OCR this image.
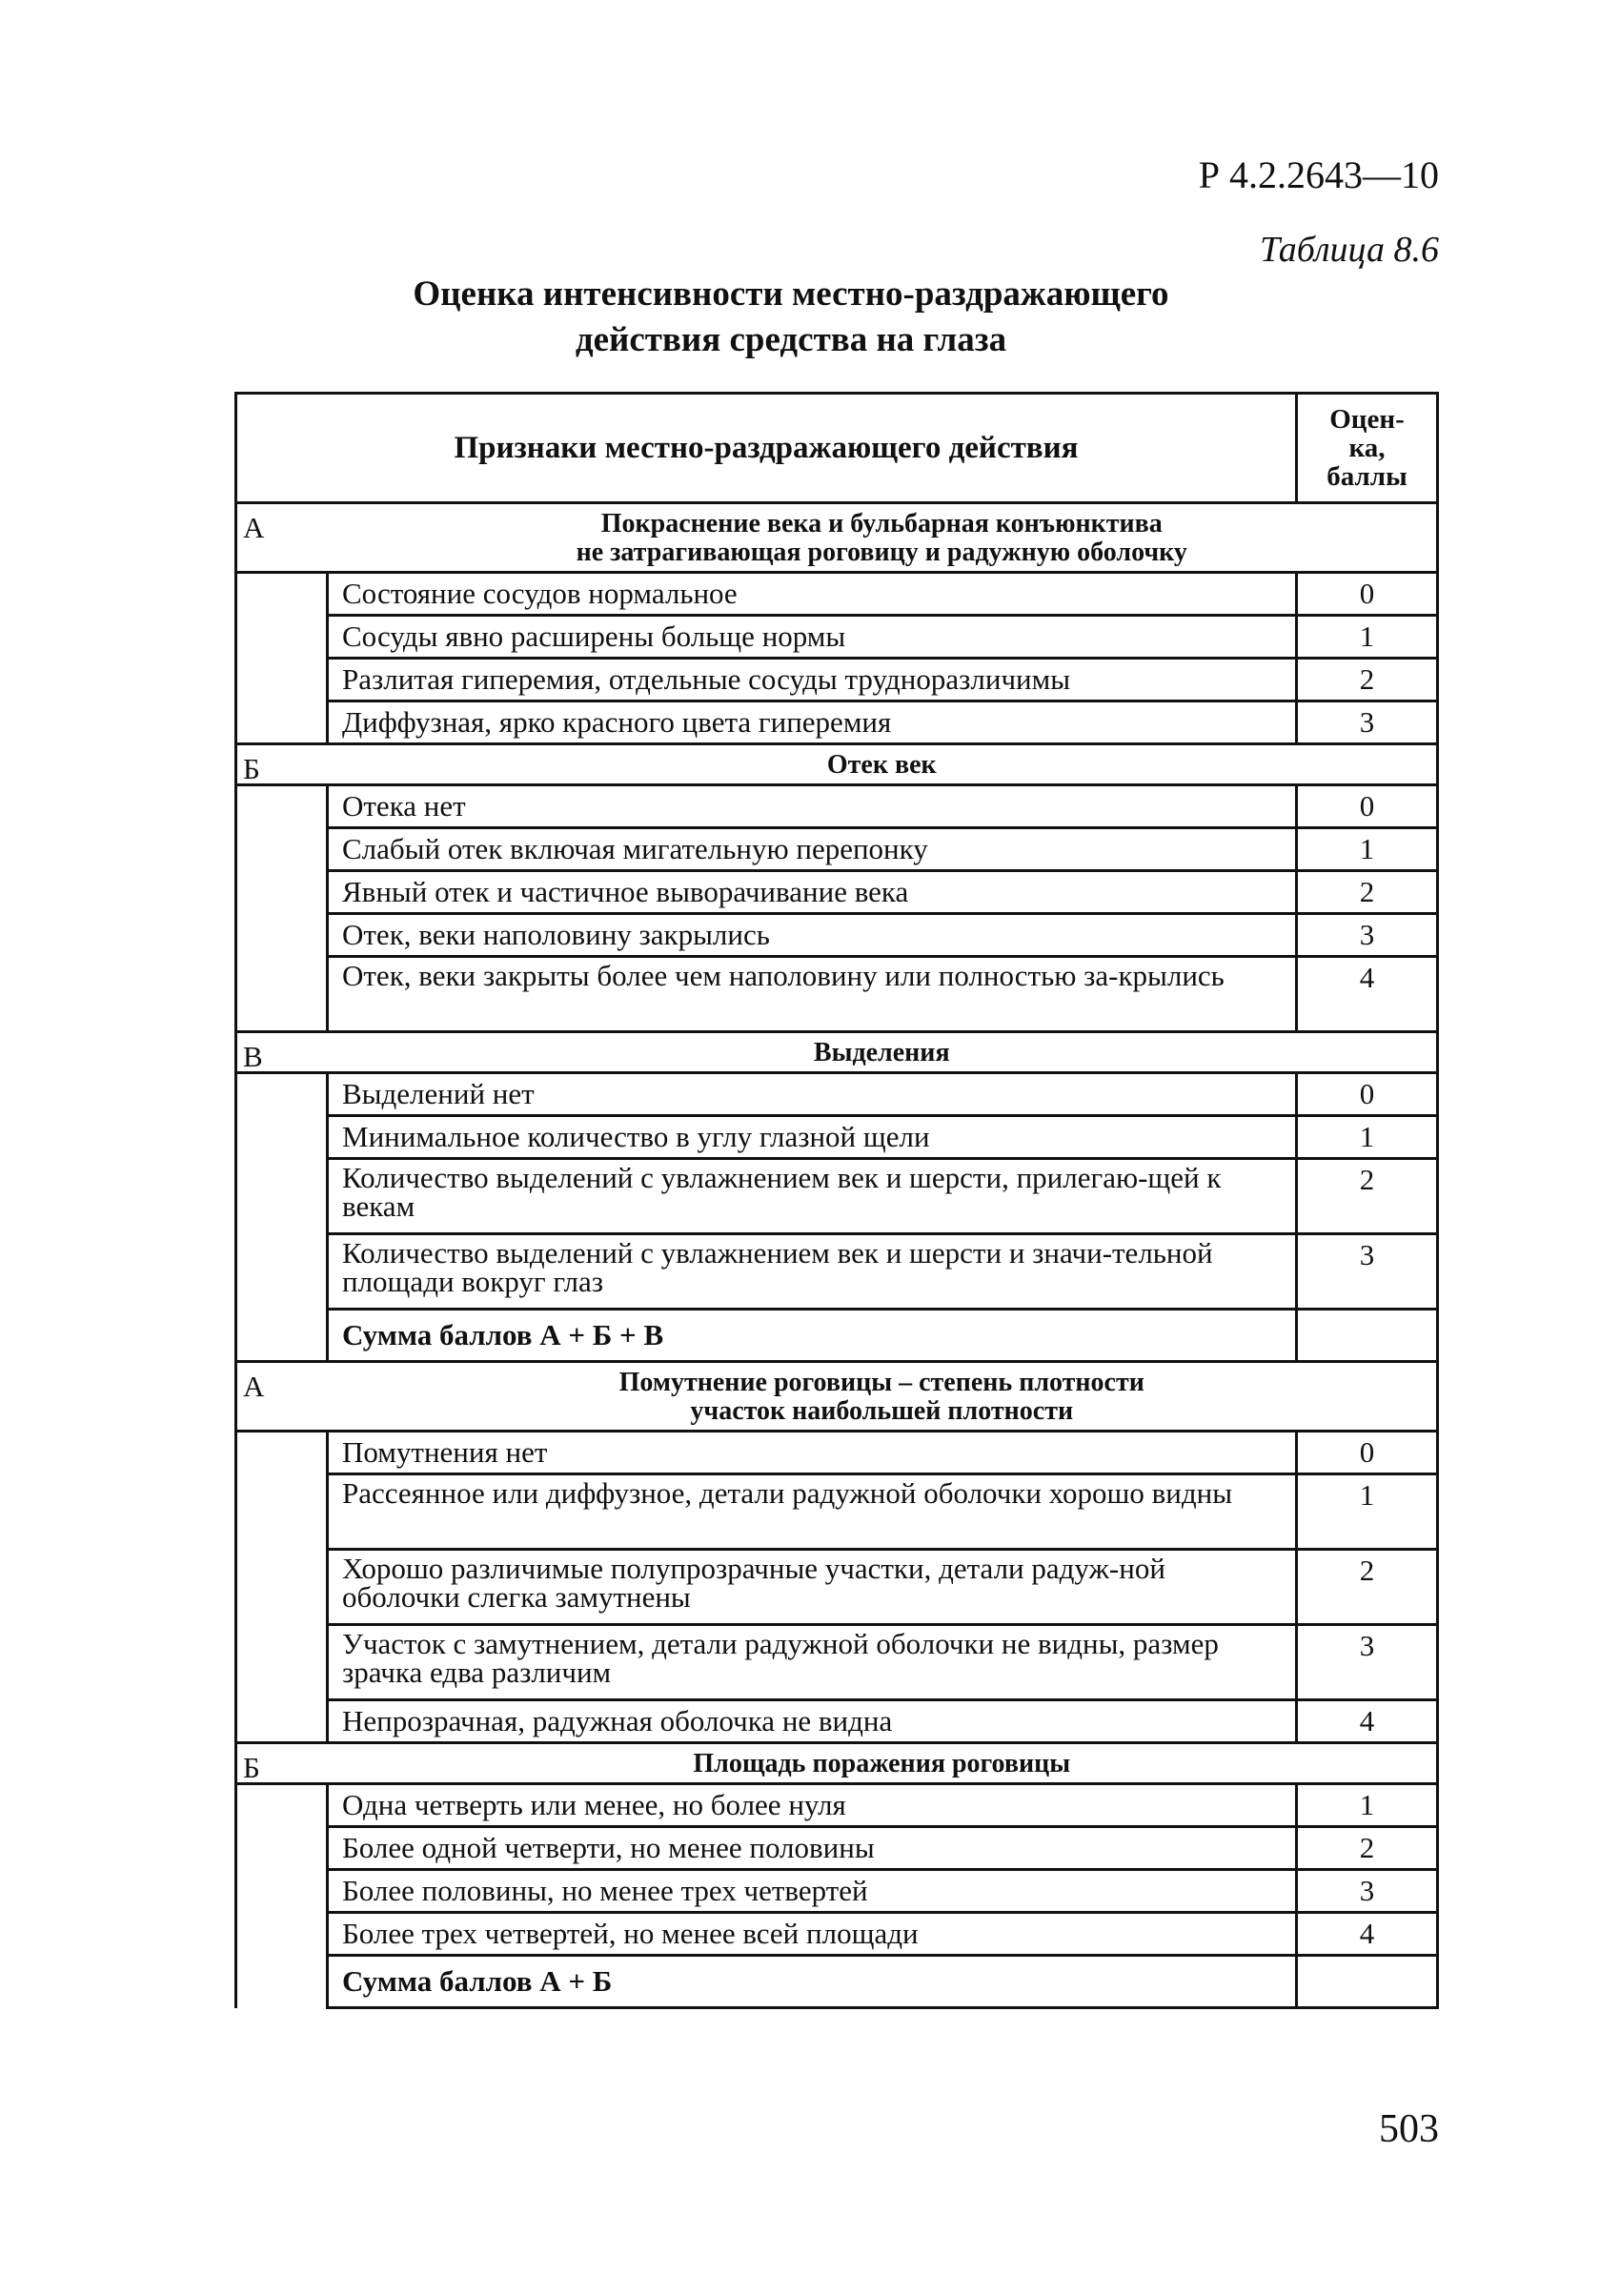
Р 4.2.2643—10
Таблица 8.6
Оценка интенсивности местно-раздражающего
действия средства на глаза
Признаки местно-раздражающего действия		Оцен-
ка,
баллы

А	Покраснение века и бульбарная конъюнктива
не затрагивающая роговицу и радужную оболочку	

	Состояние сосудов нормальное	0
	Сосуды явно расширены больще нормы	1
	Разлитая гиперемия, отдельные сосуды трудноразличимы	2
	Диффузная, ярко красного цвета гиперемия	3
Б	Отек век	
	Отека нет	0
	Слабый отек включая мигательную перепонку	1
	Явный отек и частичное выворачивание века	2
	Отек, веки наполовину закрылись	3
	Отек, веки закрыты более чем наполовину или полностью за-крылись	4
В	Выделения	
	Выделений нет	0
	Минимальное количество в углу глазной щели	1
	Количество выделений с увлажнением век и шерсти, прилегаю-щей к векам	2
	Количество выделений с увлажнением век и шерсти и значи-тельной площади вокруг глаз	3
	Сумма баллов А + Б + В	
А	Помутнение роговицы – степень плотности
участок наибольшей плотности	

	Помутнения нет	0
	Рассеянное или диффузное, детали радужной оболочки хорошо видны	1
	Хорошо различимые полупрозрачные участки, детали радуж-ной оболочки слегка замутнены	2
	Участок с замутнением, детали радужной оболочки не видны, размер зрачка едва различим	3
	Непрозрачная, радужная оболочка не видна	4
Б	Площадь поражения роговицы	
	Одна четверть или менее, но более нуля	1
	Более одной четверти, но менее половины	2
	Более половины, но менее трех четвертей	3
	Более трех четвертей, но менее всей площади	4
	Сумма баллов А + Б	
503
